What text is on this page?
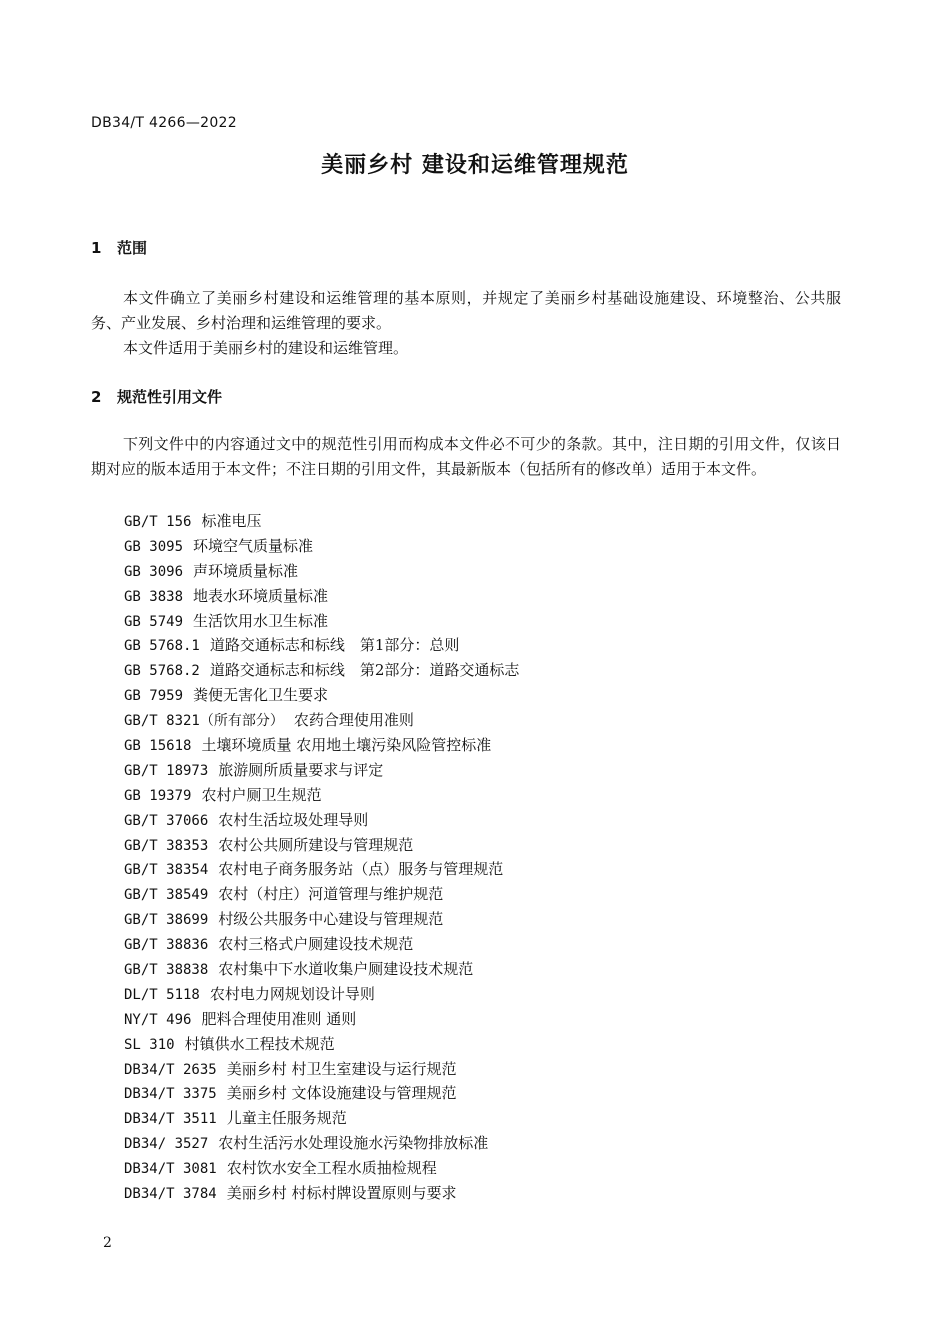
DB34/T 4266—2022
美丽乡村 建设和运维管理规范
1 范围
本文件确立了美丽乡村建设和运维管理的基本原则，并规定了美丽乡村基础设施建设、环境整治、公共服务、产业发展、乡村治理和运维管理的要求。
本文件适用于美丽乡村的建设和运维管理。
2 规范性引用文件
下列文件中的内容通过文中的规范性引用而构成本文件必不可少的条款。其中，注日期的引用文件，仅该日期对应的版本适用于本文件；不注日期的引用文件，其最新版本（包括所有的修改单）适用于本文件。
GB/T 156 标准电压
GB 3095 环境空气质量标准
GB 3096 声环境质量标准
GB 3838 地表水环境质量标准
GB 5749 生活饮用水卫生标准
GB 5768.1 道路交通标志和标线　第1部分：总则
GB 5768.2 道路交通标志和标线　第2部分：道路交通标志
GB 7959 粪便无害化卫生要求
GB/T 8321（所有部分） 农药合理使用准则
GB 15618 土壤环境质量 农用地土壤污染风险管控标准
GB/T 18973 旅游厕所质量要求与评定
GB 19379 农村户厕卫生规范
GB/T 37066 农村生活垃圾处理导则
GB/T 38353 农村公共厕所建设与管理规范
GB/T 38354 农村电子商务服务站（点）服务与管理规范
GB/T 38549 农村（村庄）河道管理与维护规范
GB/T 38699 村级公共服务中心建设与管理规范
GB/T 38836 农村三格式户厕建设技术规范
GB/T 38838 农村集中下水道收集户厕建设技术规范
DL/T 5118 农村电力网规划设计导则
NY/T 496 肥料合理使用准则 通则
SL 310 村镇供水工程技术规范
DB34/T 2635 美丽乡村 村卫生室建设与运行规范
DB34/T 3375 美丽乡村 文体设施建设与管理规范
DB34/T 3511 儿童主任服务规范
DB34/ 3527 农村生活污水处理设施水污染物排放标准
DB34/T 3081 农村饮水安全工程水质抽检规程
DB34/T 3784 美丽乡村 村标村牌设置原则与要求
2
